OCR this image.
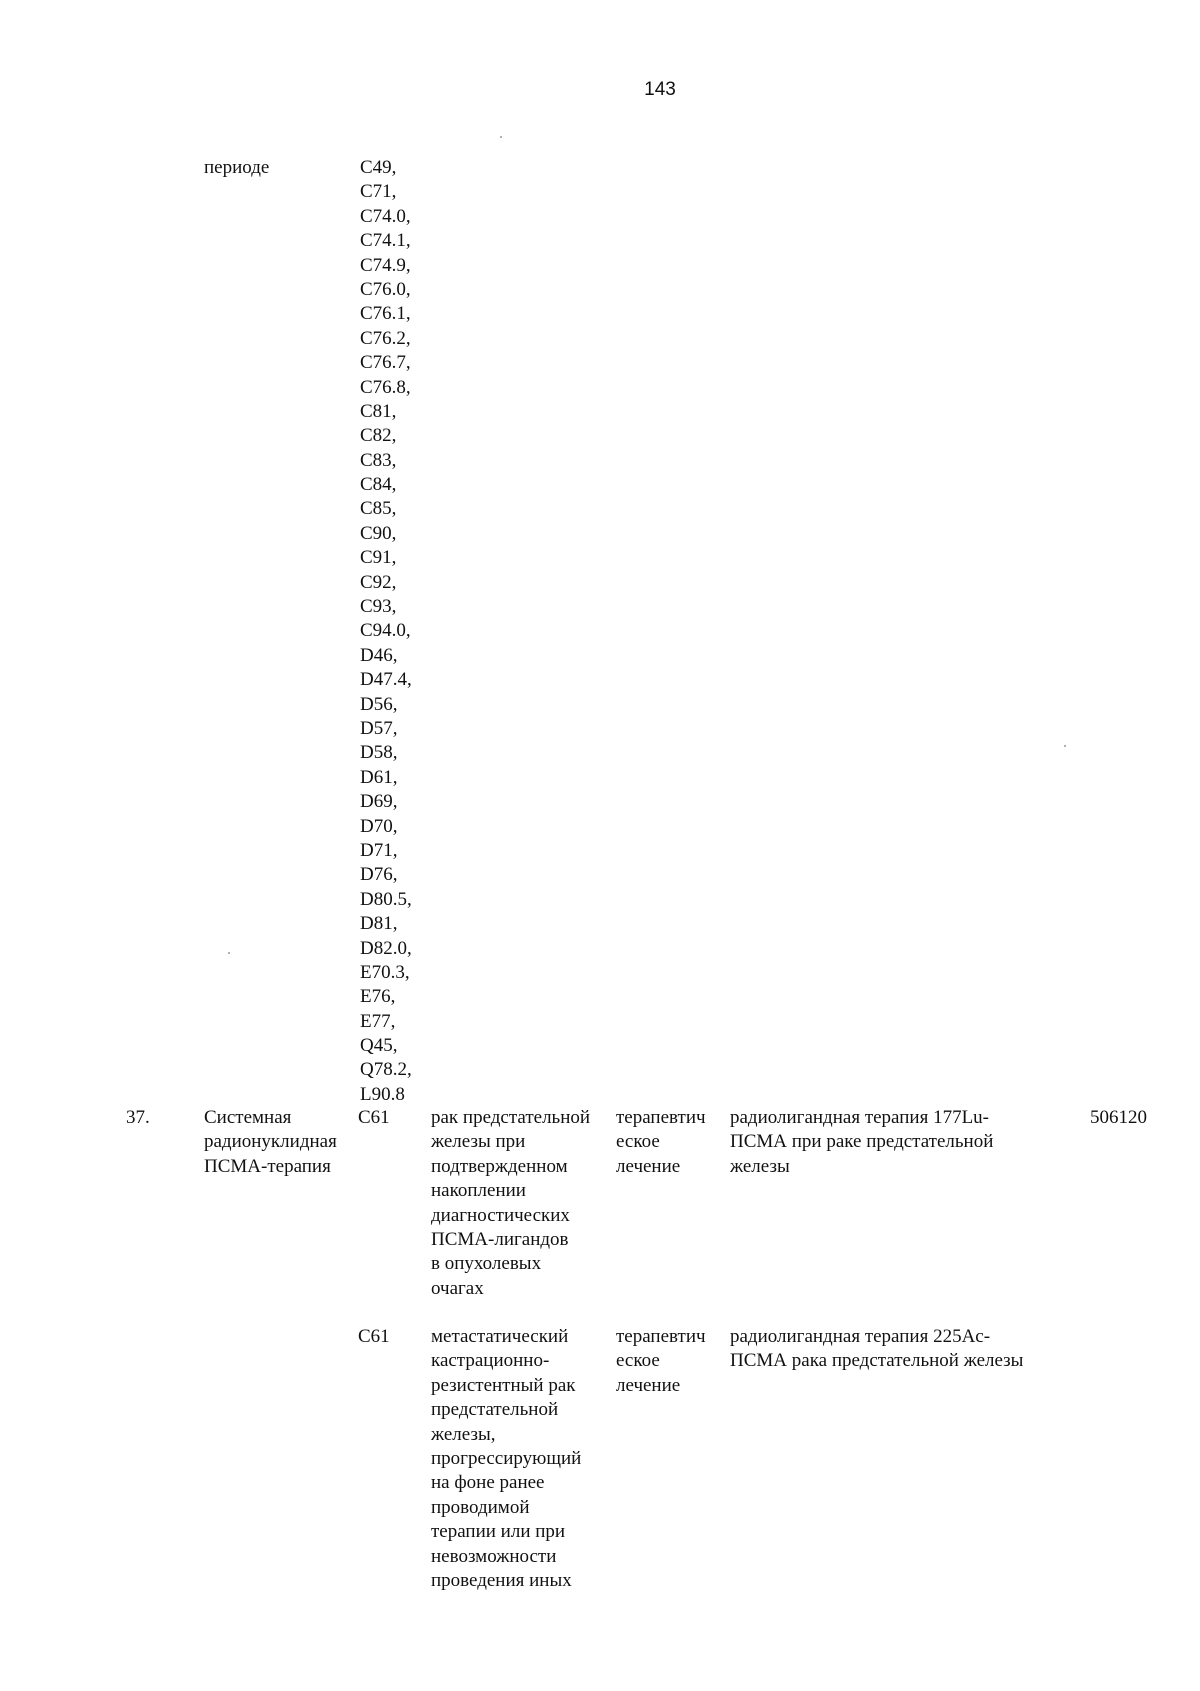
143
периоде	C49,
C71,
C74.0,
C74.1,
C74.9,
C76.0,
C76.1,
C76.2,
C76.7,
C76.8,
C81,
C82,
C83,
C84,
C85,
C90,
C91,
C92,
C93,
C94.0,
D46,
D47.4,
D56,
D57,
D58,
D61,
D69,
D70,
D71,
D76,
D80.5,
D81,
D82.0,
E70.3,
E76,
E77,
Q45,
Q78.2,
L90.8
37.	Системная
радионуклидная
ПСМА-терапия
C61 рак предстательной
железы при
подтвержденном
накоплении
диагностических
ПСМА-лигандов
в опухолевых
очагах
терапевтич
еское
лечение
радиолигандная терапия 177Lu-
ПСМА при раке предстательной
железы
506120
C61 метастатический
кастрационно-
резистентный рак
предстательной
железы,
прогрессирующий
на фоне ранее
проводимой
терапии или при
невозможности
проведения иных
терапевтич
еское
лечение
радиолигандная терапия 225Ac-
ПСМА рака предстательной железы
